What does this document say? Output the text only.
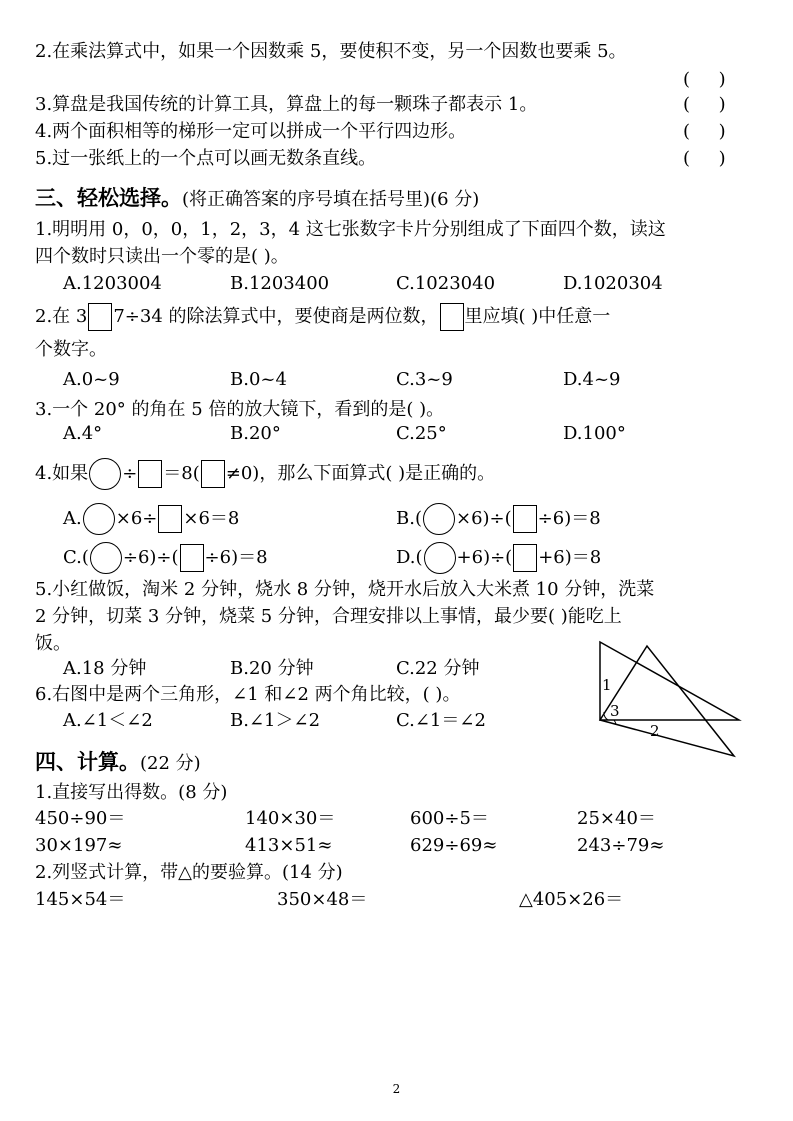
2.在乘法算式中，如果一个因数乘 5，要使积不变，另一个因数也要乘 5。
(     )
3.算盘是我国传统的计算工具，算盘上的每一颗珠子都表示 1。	(     )
4.两个面积相等的梯形一定可以拼成一个平行四边形。	(     )
5.过一张纸上的一个点可以画无数条直线。	(     )
三、轻松选择。(将正确答案的序号填在括号里)(6 分)
1.明明用 0，0，0，1，2，3，4 这七张数字卡片分别组成了下面四个数，读这
四个数时只读出一个零的是( )。
A.1203004	B.1203400	C.1023040	D.1020304
2.在 3 7÷34 的除法算式中，要使商是两位数， 里应填( )中任意一
个数字。
A.0~9	B.0~4	C.3~9	D.4~9
3.一个 20° 的角在 5 倍的放大镜下，看到的是( )。
A.4°	B.20°	C.25°	D.100°
4.如果 ÷ ＝8( ≠0)，那么下面算式( )是正确的。
A. ×6÷ ×6＝8	B.( ×6)÷( ÷6)＝8
C.( ÷6)÷( ÷6)＝8	D.( +6)÷( +6)＝8
5.小红做饭，淘米 2 分钟，烧水 8 分钟，烧开水后放入大米煮 10 分钟，洗菜
2 分钟，切菜 3 分钟，烧菜 5 分钟，合理安排以上事情，最少要( )能吃上
饭。
A.18 分钟	B.20 分钟	C.22 分钟
6.右图中是两个三角形，∠1 和∠2 两个角比较，( )。
A.∠1＜∠2	B.∠1＞∠2	C.∠1＝∠2
1
3
2
四、计算。(22 分)
1.直接写出得数。(8 分)
450÷90＝	140×30＝	600÷5＝	25×40＝
30×197≈	413×51≈	629÷69≈	243÷79≈
2.列竖式计算，带△的要验算。(14 分)
145×54＝	350×48＝	△405×26＝
2
